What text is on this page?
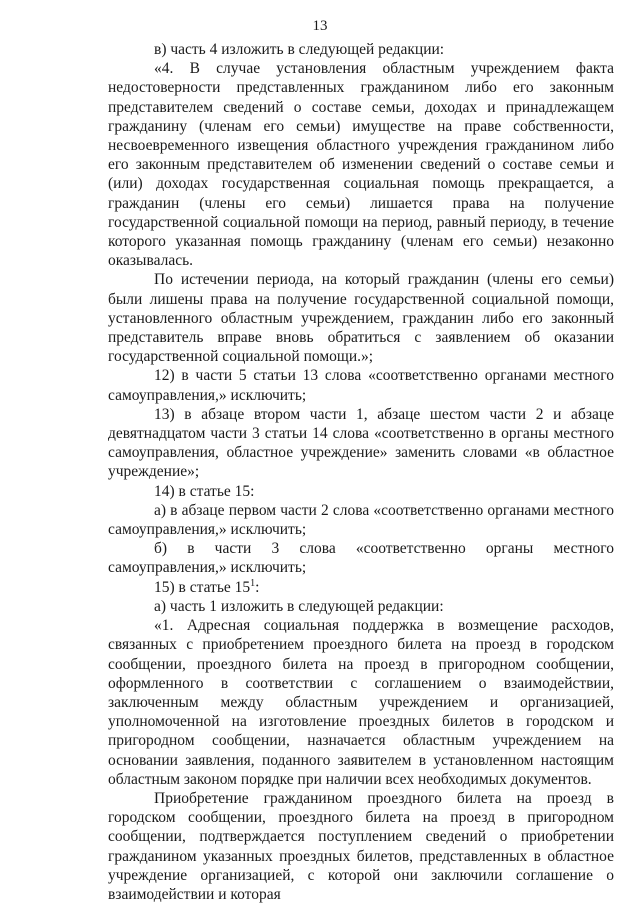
13

в) часть 4 изложить в следующей редакции:

«4. В случае установления областным учреждением факта недостоверности представленных гражданином либо его законным представителем сведений о составе семьи, доходах и принадлежащем гражданину (членам его семьи) имуществе на праве собственности, несвоевременного извещения областного учреждения гражданином либо его законным представителем об изменении сведений о составе семьи и (или) доходах государственная социальная помощь прекращается, а гражданин (члены его семьи) лишается права на получение государственной социальной помощи на период, равный периоду, в течение которого указанная помощь гражданину (членам его семьи) незаконно оказывалась.

По истечении периода, на который гражданин (члены его семьи) были лишены права на получение государственной социальной помощи, установленного областным учреждением, гражданин либо его законный представитель вправе вновь обратиться с заявлением об оказании государственной социальной помощи.»;

12) в части 5 статьи 13 слова «соответственно органами местного самоуправления,» исключить;

13) в абзаце втором части 1, абзаце шестом части 2 и абзаце девятнадцатом части 3 статьи 14 слова «соответственно в органы местного самоуправления, областное учреждение» заменить словами «в областное учреждение»;

14) в статье 15:

а) в абзаце первом части 2 слова «соответственно органами местного самоуправления,» исключить;

б) в части 3 слова «соответственно органы местного самоуправления,» исключить;

15) в статье $15^1$:

а) часть 1 изложить в следующей редакции:

«1. Адресная социальная поддержка в возмещение расходов, связанных с приобретением проездного билета на проезд в городском сообщении, проездного билета на проезд в пригородном сообщении, оформленного в соответствии с соглашением о взаимодействии, заключенным между областным учреждением и организацией, уполномоченной на изготовление проездных билетов в городском и пригородном сообщении, назначается областным учреждением на основании заявления, поданного заявителем в установленном настоящим областным законом порядке при наличии всех необходимых документов.

Приобретение гражданином проездного билета на проезд в городском сообщении, проездного билета на проезд в пригородном сообщении, подтверждается поступлением сведений о приобретении гражданином указанных проездных билетов, представленных в областное учреждение организацией, с которой они заключили соглашение о взаимодействии и которая
